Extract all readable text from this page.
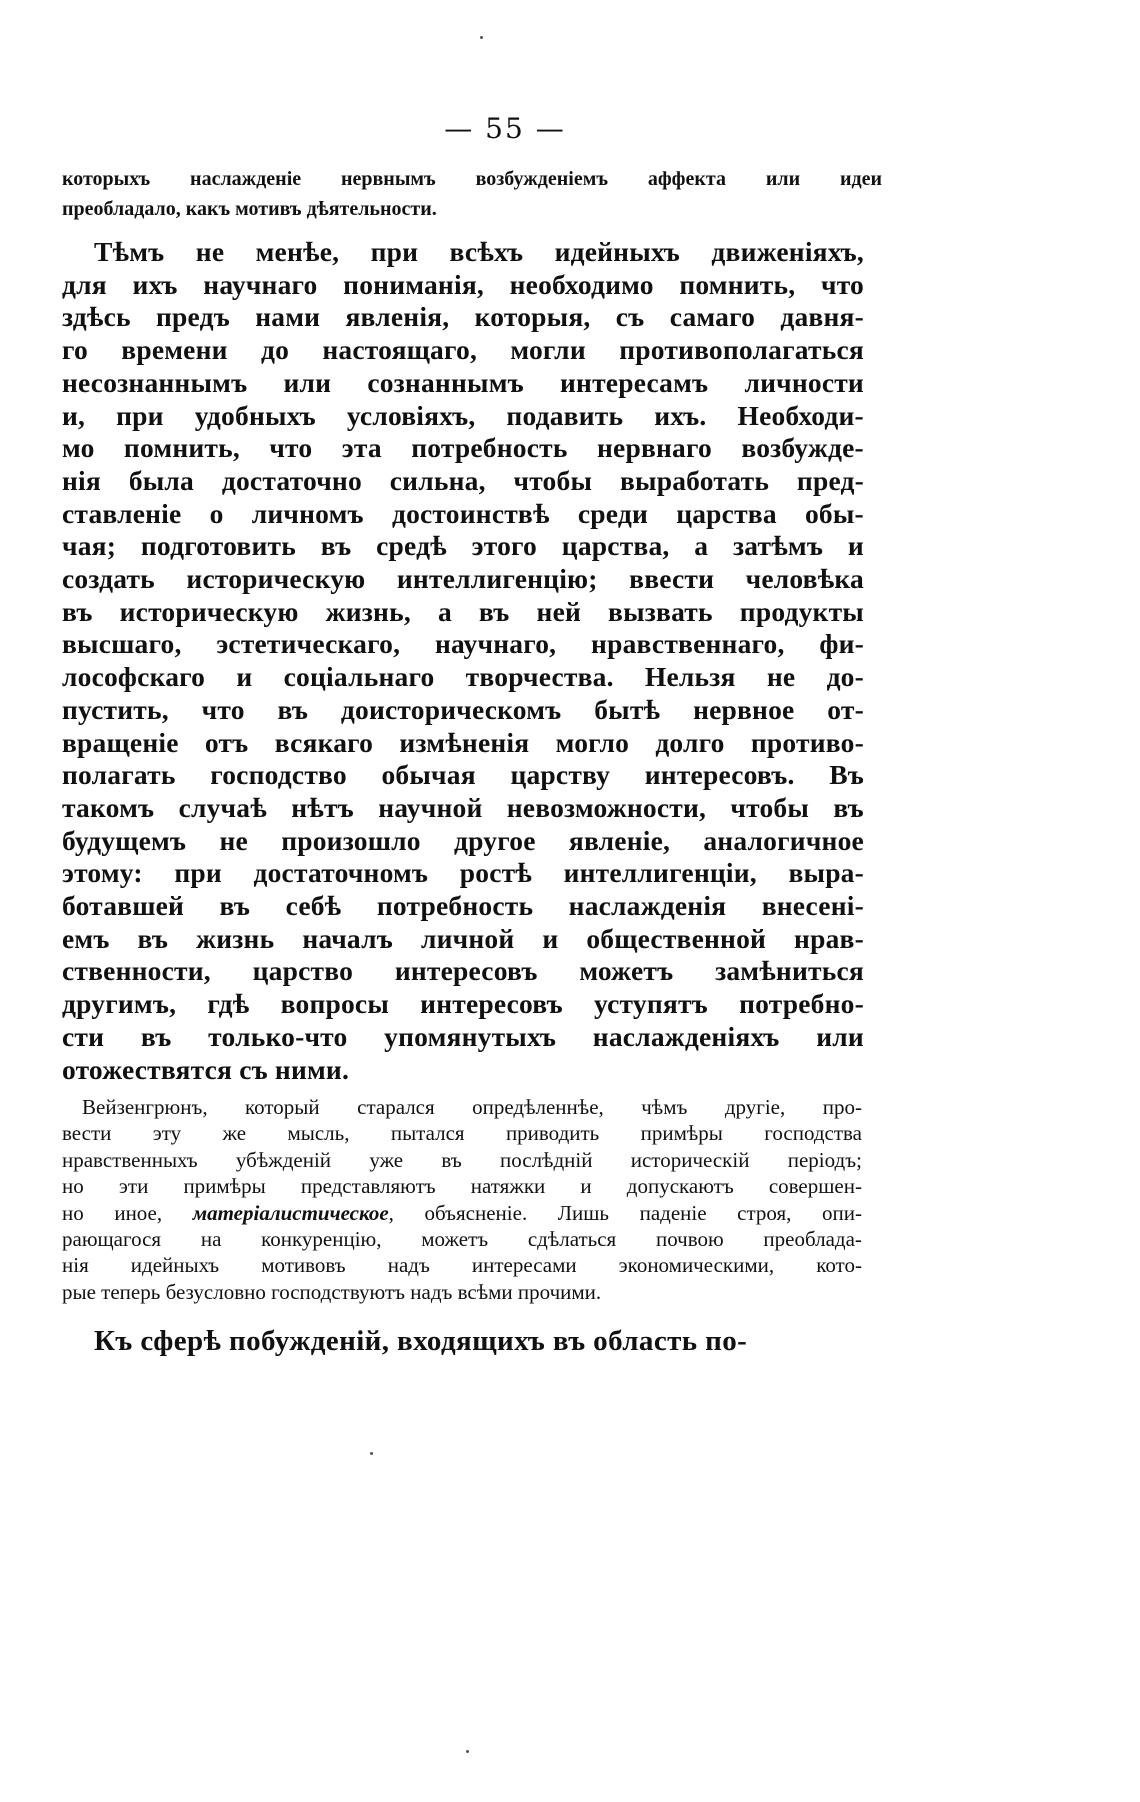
— 55 —
которыхъ наслажденіе нервнымъ возбужденіемъ аффекта или идеи
преобладало, какъ мотивъ дѣятельности.
Тѣмъ не менѣе, при всѣхъ идейныхъ движеніяхъ,
для ихъ научнаго пониманія, необходимо помнить, что
здѣсь предъ нами явленія, которыя, съ самаго давня-
го времени до настоящаго, могли противополагаться
несознаннымъ или сознаннымъ интересамъ личности
и, при удобныхъ условіяхъ, подавить ихъ. Необходи-
мо помнить, что эта потребность нервнаго возбужде-
нія была достаточно сильна, чтобы выработать пред-
ставленіе о личномъ достоинствѣ среди царства обы-
чая; подготовить въ средѣ этого царства, а затѣмъ и
создать историческую интеллигенцію; ввести человѣка
въ историческую жизнь, а въ ней вызвать продукты
высшаго, эстетическаго, научнаго, нравственнаго, фи-
лософскаго и соціальнаго творчества. Нельзя не до-
пустить, что въ доисторическомъ бытѣ нервное от-
вращеніе отъ всякаго измѣненія могло долго противо-
полагать господство обычая царству интересовъ. Въ
такомъ случаѣ нѣтъ научной невозможности, чтобы въ
будущемъ не произошло другое явленіе, аналогичное
этому: при достаточномъ ростѣ интеллигенціи, выра-
ботавшей въ себѣ потребность наслажденія внесені-
емъ въ жизнь началъ личной и общественной нрав-
ственности, царство интересовъ можетъ замѣниться
другимъ, гдѣ вопросы интересовъ уступятъ потребно-
сти въ только-что упомянутыхъ наслажденіяхъ или
отожествятся съ ними.
Вейзенгрюнъ, который старался опредѣленнѣе, чѣмъ другіе, про-
вести эту же мысль, пытался приводить примѣры господства
нравственныхъ убѣжденій уже въ послѣдній историческій періодъ;
но эти примѣры представляютъ натяжки и допускаютъ совершен-
но иное, матеріалистическое, объясненіе. Лишь паденіе строя, опи-
рающагося на конкуренцію, можетъ сдѣлаться почвою преоблада-
нія идейныхъ мотивовъ надъ интересами экономическими, кото-
рые теперь безусловно господствуютъ надъ всѣми прочими.
Къ сферѣ побужденій, входящихъ въ область по-
